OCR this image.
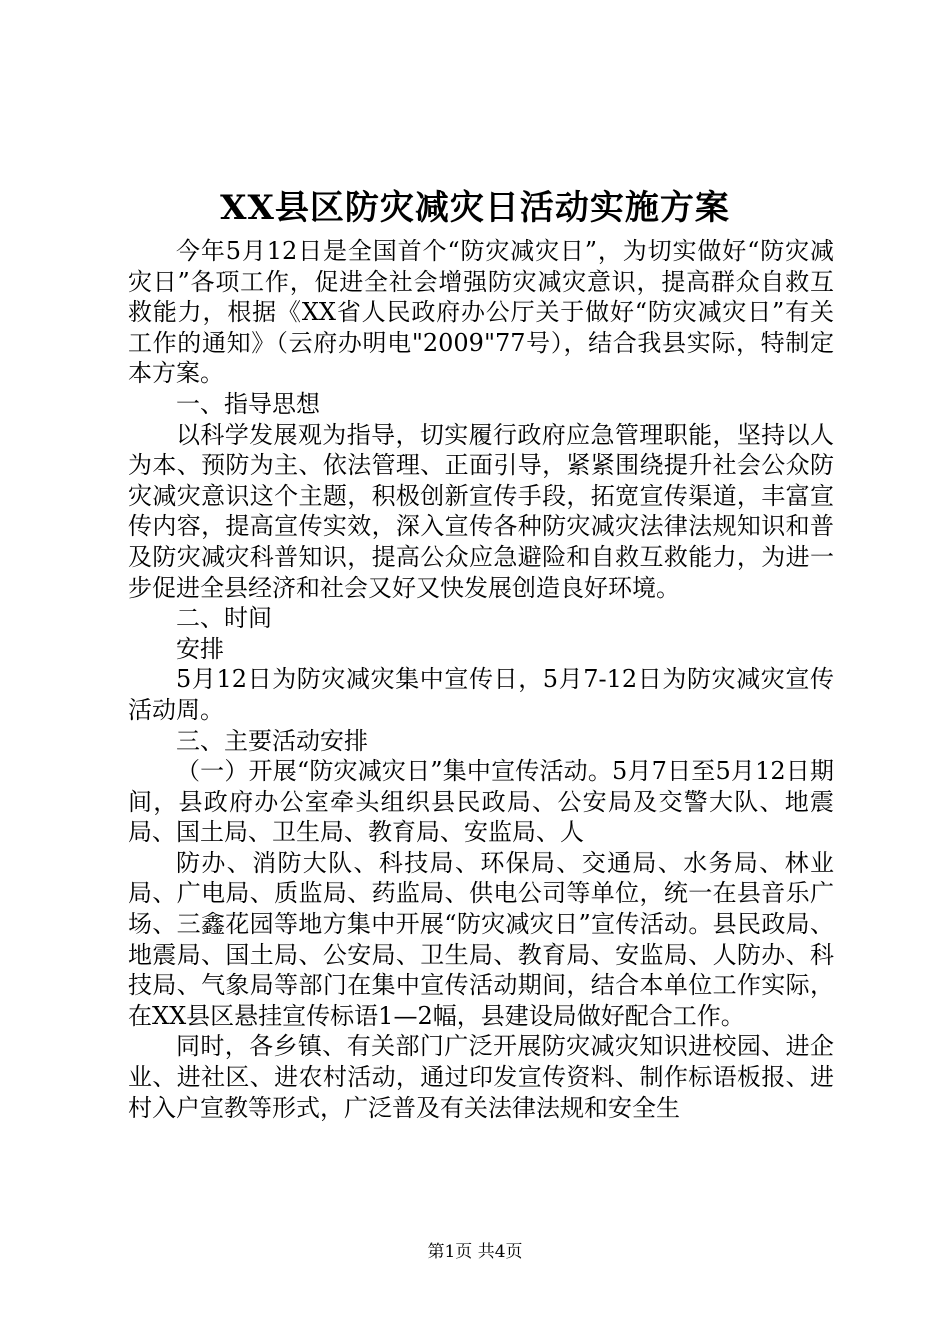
XX县区防灾减灾日活动实施方案

今年5月12日是全国首个“防灾减灾日”，为切实做好“防灾减灾日”各项工作，促进全社会增强防灾减灾意识，提高群众自救互救能力，根据《XX省人民政府办公厅关于做好“防灾减灾日”有关工作的通知》（云府办明电"2009"77号），结合我县实际，特制定本方案。

一、指导思想

以科学发展观为指导，切实履行政府应急管理职能，坚持以人为本、预防为主、依法管理、正面引导，紧紧围绕提升社会公众防灾减灾意识这个主题，积极创新宣传手段，拓宽宣传渠道，丰富宣传内容，提高宣传实效，深入宣传各种防灾减灾法律法规知识和普及防灾减灾科普知识，提高公众应急避险和自救互救能力，为进一步促进全县经济和社会又好又快发展创造良好环境。

二、时间

安排

5月12日为防灾减灾集中宣传日，5月7-12日为防灾减灾宣传活动周。

三、主要活动安排

（一）开展“防灾减灾日”集中宣传活动。5月7日至5月12日期间，县政府办公室牵头组织县民政局、公安局及交警大队、地震局、国土局、卫生局、教育局、安监局、人

防办、消防大队、科技局、环保局、交通局、水务局、林业局、广电局、质监局、药监局、供电公司等单位，统一在县音乐广场、三鑫花园等地方集中开展“防灾减灾日”宣传活动。县民政局、地震局、国土局、公安局、卫生局、教育局、安监局、人防办、科技局、气象局等部门在集中宣传活动期间，结合本单位工作实际，在XX县区悬挂宣传标语1—2幅，县建设局做好配合工作。

同时，各乡镇、有关部门广泛开展防灾减灾知识进校园、进企业、进社区、进农村活动，通过印发宣传资料、制作标语板报、进村入户宣教等形式，广泛普及有关法律法规和安全生

第1页 共4页
